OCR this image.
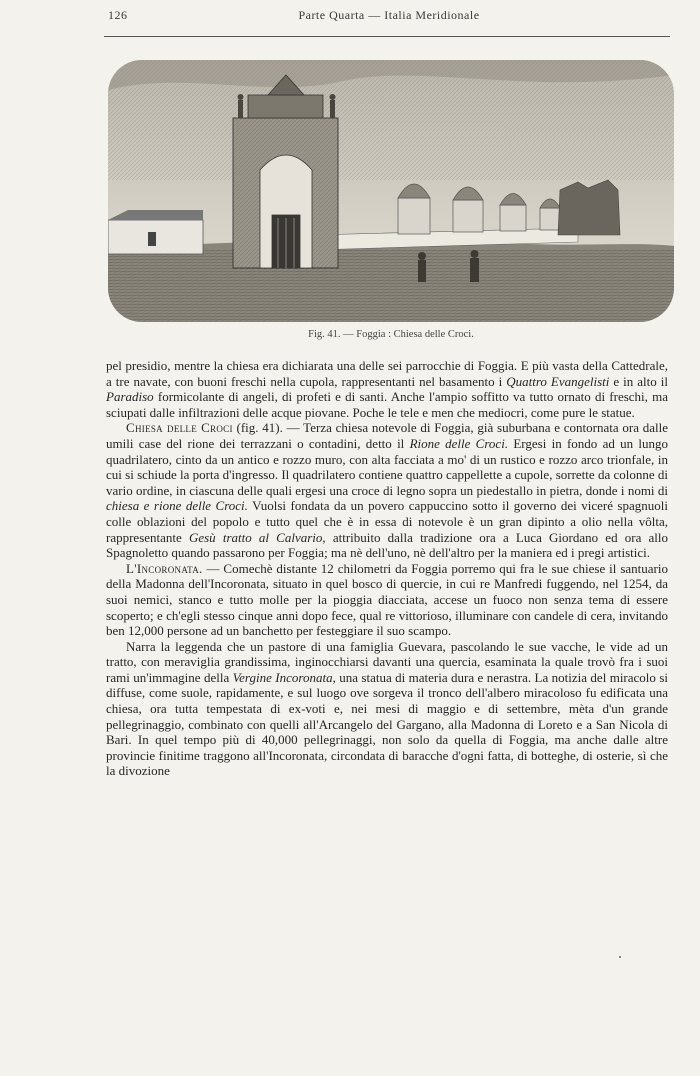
126	Parte Quarta — Italia Meridionale
Fig. 41. — Foggia : Chiesa delle Croci.

pel presidio, mentre la chiesa era dichiarata una delle sei parrocchie di Foggia. E più vasta della Cattedrale, a tre navate, con buoni freschi nella cupola, rappresentanti nel basamento i Quattro Evangelisti e in alto il Paradiso formicolante di angeli, di profeti e di santi. Anche l'ampio soffitto va tutto ornato di freschi, ma sciupati dalle infiltrazioni delle acque piovane. Poche le tele e men che mediocri, come pure le statue.

Chiesa delle Croci (fig. 41). — Terza chiesa notevole di Foggia, già suburbana e contornata ora dalle umili case del rione dei terrazzani o contadini, detto il Rione delle Croci. Ergesi in fondo ad un lungo quadrilatero, cinto da un antico e rozzo muro, con alta facciata a mo' di un rustico e rozzo arco trionfale, in cui si schiude la porta d'ingresso. Il quadrilatero contiene quattro cappellette a cupole, sorrette da colonne di vario ordine, in ciascuna delle quali ergesi una croce di legno sopra un piedestallo in pietra, donde i nomi di chiesa e rione delle Croci. Vuolsi fondata da un povero cappuccino sotto il governo dei viceré spagnuoli colle oblazioni del popolo e tutto quel che è in essa di notevole è un gran dipinto a olio nella vôlta, rappresentante Gesù tratto al Calvario, attribuito dalla tradizione ora a Luca Giordano ed ora allo Spagnoletto quando passarono per Foggia; ma nè dell'uno, nè dell'altro per la maniera ed i pregi artistici.

L'Incoronata. — Comechè distante 12 chilometri da Foggia porremo qui fra le sue chiese il santuario della Madonna dell'Incoronata, situato in quel bosco di quercie, in cui re Manfredi fuggendo, nel 1254, da suoi nemici, stanco e tutto molle per la pioggia diacciata, accese un fuoco non senza tema di essere scoperto; e ch'egli stesso cinque anni dopo fece, qual re vittorioso, illuminare con candele di cera, invitando ben 12,000 persone ad un banchetto per festeggiare il suo scampo.

Narra la leggenda che un pastore di una famiglia Guevara, pascolando le sue vacche, le vide ad un tratto, con meraviglia grandissima, inginocchiarsi davanti una quercia, esaminata la quale trovò fra i suoi rami un'immagine della Vergine Incoronata, una statua di materia dura e nerastra. La notizia del miracolo si diffuse, come suole, rapidamente, e sul luogo ove sorgeva il tronco dell'albero miracoloso fu edificata una chiesa, ora tutta tempestata di ex-voti e, nei mesi di maggio e di settembre, mèta d'un grande pellegrinaggio, combinato con quelli all'Arcangelo del Gargano, alla Madonna di Loreto e a San Nicola di Bari. In quel tempo più di 40,000 pellegrinaggi, non solo da quella di Foggia, ma anche dalle altre provincie finitime traggono all'Incoronata, circondata di baracche d'ogni fatta, di botteghe, di osterie, sì che la divozione
